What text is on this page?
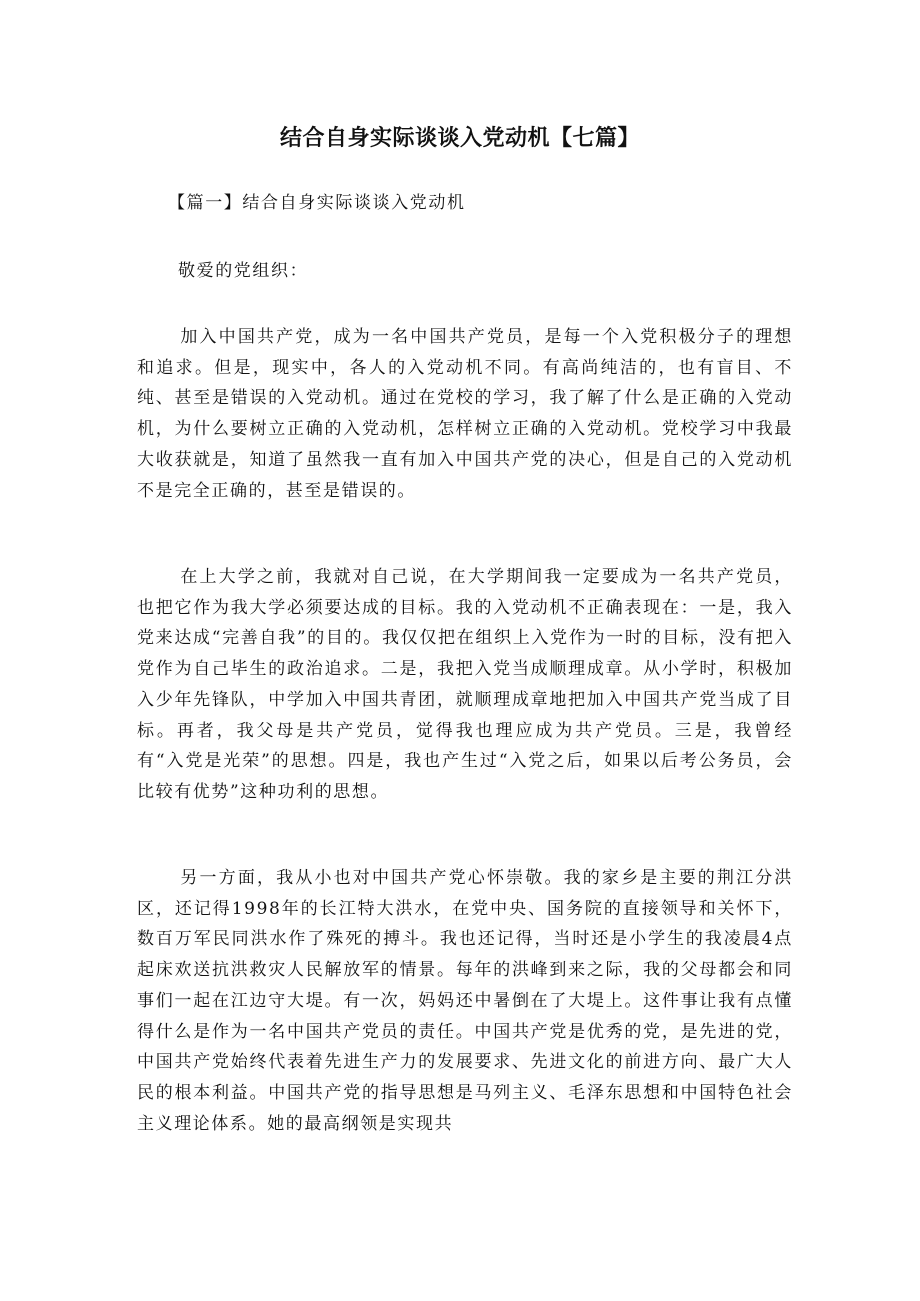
结合自身实际谈谈入党动机【七篇】

【篇一】结合自身实际谈谈入党动机

敬爱的党组织：

加入中国共产党，成为一名中国共产党员，是每一个入党积极分子的理想和追求。但是，现实中，各人的入党动机不同。有高尚纯洁的，也有盲目、不纯、甚至是错误的入党动机。通过在党校的学习，我了解了什么是正确的入党动机，为什么要树立正确的入党动机，怎样树立正确的入党动机。党校学习中我最大收获就是，知道了虽然我一直有加入中国共产党的决心，但是自己的入党动机不是完全正确的，甚至是错误的。

在上大学之前，我就对自己说，在大学期间我一定要成为一名共产党员，也把它作为我大学必须要达成的目标。我的入党动机不正确表现在：一是，我入党来达成“完善自我”的目的。我仅仅把在组织上入党作为一时的目标，没有把入党作为自己毕生的政治追求。二是，我把入党当成顺理成章。从小学时，积极加入少年先锋队，中学加入中国共青团，就顺理成章地把加入中国共产党当成了目标。再者，我父母是共产党员，觉得我也理应成为共产党员。三是，我曾经有“入党是光荣”的思想。四是，我也产生过“入党之后，如果以后考公务员，会比较有优势”这种功利的思想。

另一方面，我从小也对中国共产党心怀崇敬。我的家乡是主要的荆江分洪区，还记得1998年的长江特大洪水，在党中央、国务院的直接领导和关怀下，数百万军民同洪水作了殊死的搏斗。我也还记得，当时还是小学生的我凌晨4点起床欢送抗洪救灾人民解放军的情景。每年的洪峰到来之际，我的父母都会和同事们一起在江边守大堤。有一次，妈妈还中暑倒在了大堤上。这件事让我有点懂得什么是作为一名中国共产党员的责任。中国共产党是优秀的党，是先进的党，中国共产党始终代表着先进生产力的发展要求、先进文化的前进方向、最广大人民的根本利益。中国共产党的指导思想是马列主义、毛泽东思想和中国特色社会主义理论体系。她的最高纲领是实现共
